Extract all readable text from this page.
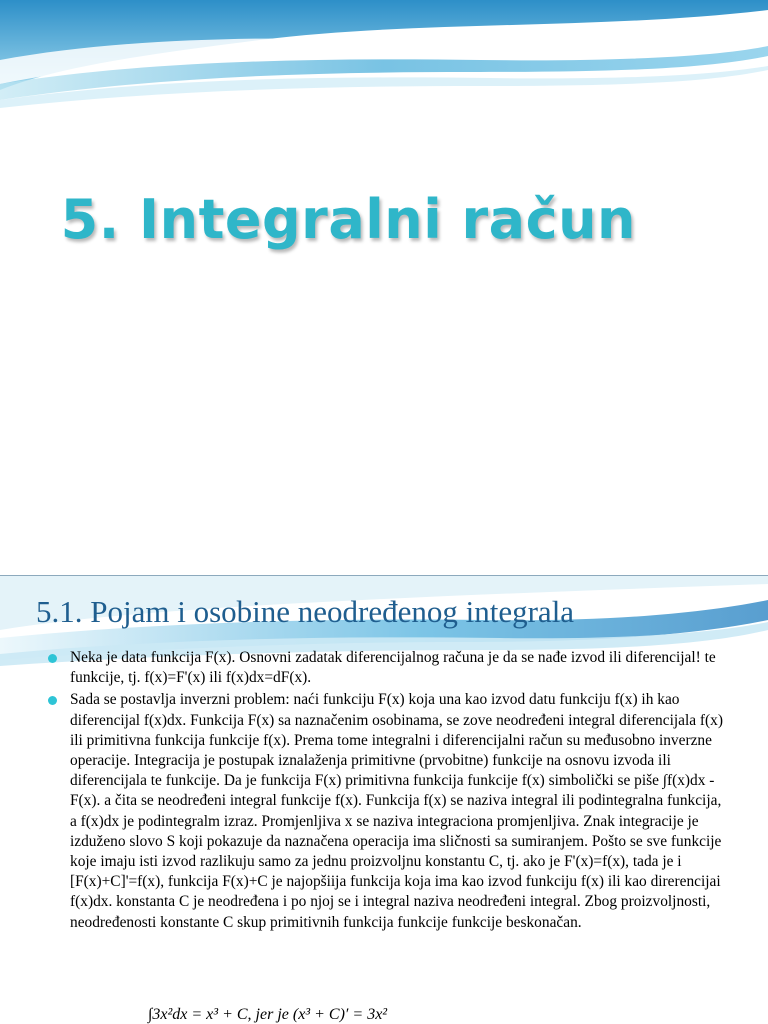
5. Integralni račun
5.1. Pojam i osobine neodređenog integrala
Neka je data funkcija F(x). Osnovni zadatak diferencijalnog računa je da se nađe izvod ili diferencijal! te funkcije, tj. f(x)=F'(x) ili f(x)dx=dF(x).
Sada se postavlja inverzni problem: naći funkciju F(x) koja una kao izvod datu funkciju f(x) ih kao diferencijal f(x)dx. Funkcija F(x) sa naznačenim osobinama, se zove neodređeni integral diferencijala f(x) ili primitivna funkcija funkcije f(x). Prema tome integralni i diferencijalni račun su međusobno inverzne operacije. Integracija je postupak iznalaženja primitivne (prvobitne) funkcije na osnovu izvoda ili diferencijala te funkcije. Da je funkcija F(x) primitivna funkcija funkcije f(x) simbolički se piše ∫f(x)dx - F(x). a čita se neodređeni integral funkcije f(x). Funkcija f(x) se naziva integral ili podintegralna funkcija, a f(x)dx je podintegralm izraz. Promjenljiva x se naziva integraciona promjenljiva. Znak integracije je izduženo slovo S koji pokazuje da naznačena operacija ima sličnosti sa sumiranjem. Pošto se sve funkcije koje imaju isti izvod razlikuju samo za jednu proizvoljnu konstantu C, tj. ako je F'(x)=f(x), tada je i [F(x)+C]'=f(x), funkcija F(x)+C je najopšiija funkcija koja ima kao izvod funkciju f(x) ili kao direrencijai f(x)dx. konstanta C je neodređena i po njoj se i integral naziva neodređeni integral. Zbog proizvoljnosti, neodređenosti konstante C skup primitivnih funkcija funkcije funkcije beskonačan.
∫3x²dx = x³ + C, jer je (x³ + C)′ = 3x²
